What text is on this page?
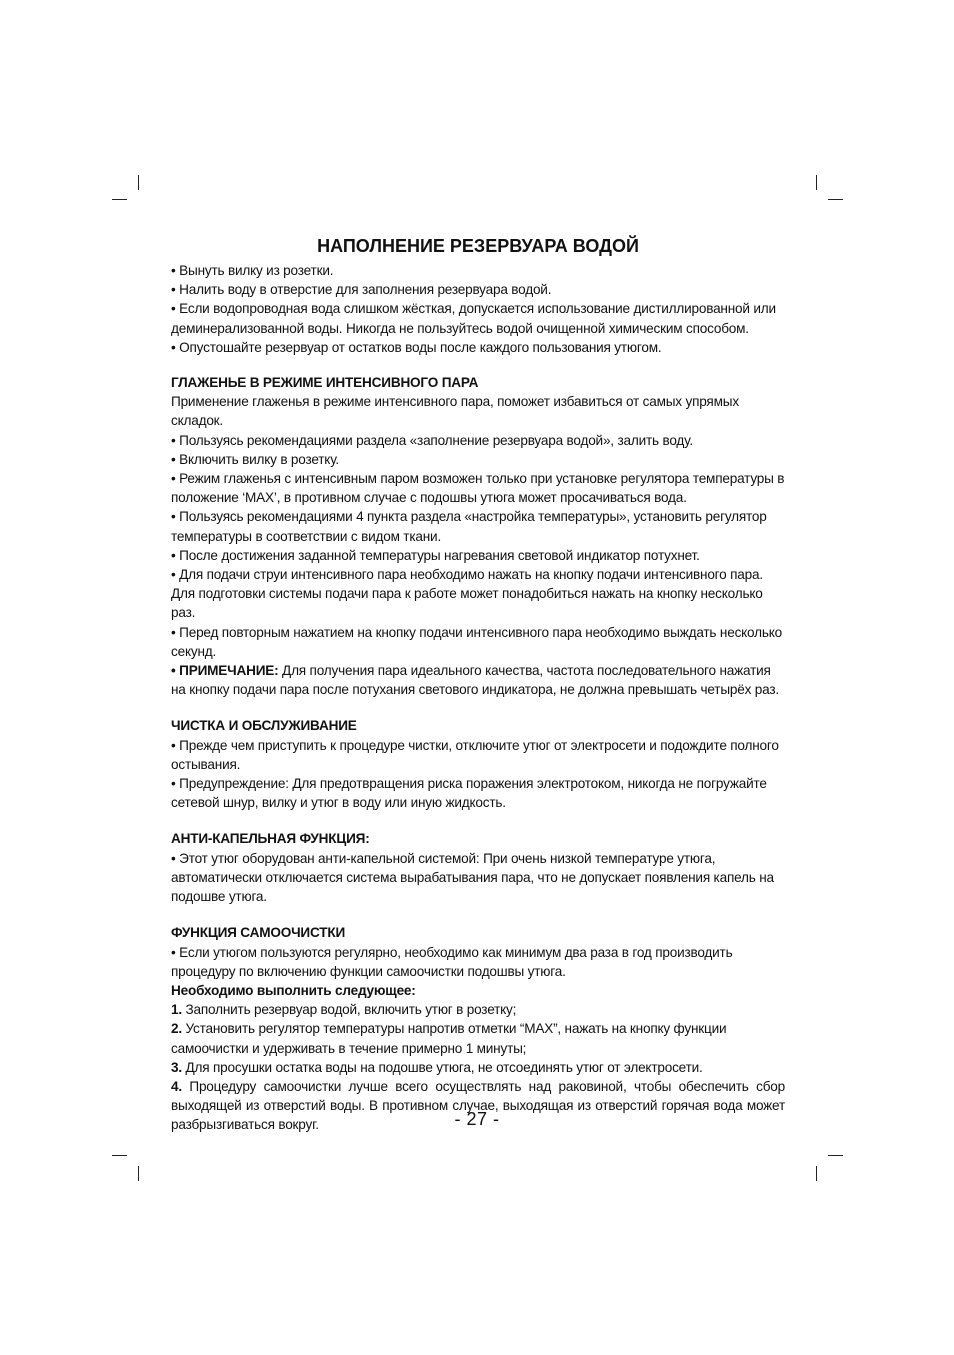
НАПОЛНЕНИЕ РЕЗЕРВУАРА ВОДОЙ

• Вынуть вилку из розетки.

• Налить воду в отверстие для заполнения резервуара водой.

• Если водопроводная вода слишком жёсткая, допускается использование дистиллированной или деминерализованной воды. Никогда не пользуйтесь водой очищенной химическим способом.

• Опустошайте резервуар от остатков воды после каждого пользования утюгом.

ГЛАЖЕНЬЕ В РЕЖИМЕ ИНТЕНСИВНОГО ПАРА

Применение глаженья в режиме интенсивного пара, поможет избавиться от самых упрямых складок.

• Пользуясь рекомендациями раздела «заполнение резервуара водой», залить воду.

• Включить вилку в розетку.

• Режим глаженья с интенсивным паром возможен только при установке регулятора температуры в положение ‘MAX’, в противном случае с подошвы утюга может просачиваться вода.

• Пользуясь рекомендациями 4 пункта раздела «настройка температуры», установить регулятор температуры в соответствии с видом ткани.

• После достижения заданной температуры нагревания световой индикатор потухнет.

• Для подачи струи интенсивного пара необходимо нажать на кнопку подачи интенсивного пара. Для подготовки системы подачи пара к работе может понадобиться нажать на кнопку несколько раз.

• Перед повторным нажатием на кнопку подачи интенсивного пара необходимо выждать несколько секунд.

• ПРИМЕЧАНИЕ: Для получения пара идеального качества, частота последовательного нажатия на кнопку подачи пара после потухания светового индикатора, не должна превышать четырёх раз.

ЧИСТКА И ОБСЛУЖИВАНИЕ

• Прежде чем приступить к процедуре чистки, отключите утюг от электросети и подождите полного остывания.

• Предупреждение: Для предотвращения риска поражения электротоком, никогда не погружайте сетевой шнур, вилку и утюг в воду или иную жидкость.

АНТИ-КАПЕЛЬНАЯ ФУНКЦИЯ:

• Этот утюг оборудован анти-капельной системой: При очень низкой температуре утюга, автоматически отключается система вырабатывания пара, что не допускает появления капель на подошве утюга.

ФУНКЦИЯ САМООЧИСТКИ

• Если утюгом пользуются регулярно, необходимо как минимум два раза в год производить процедуру по включению функции самоочистки подошвы утюга.

Необходимо выполнить следующее:

1. Заполнить резервуар водой, включить утюг в розетку;

2. Установить регулятор температуры напротив отметки “MAX”, нажать на кнопку функции самоочистки и удерживать в течение примерно 1 минуты;

3. Для просушки остатка воды на подошве утюга, не отсоединять утюг от электросети.

4. Процедуру самоочистки лучше всего осуществлять над раковиной, чтобы обеспечить сбор выходящей из отверстий воды. В противном случае, выходящая из отверстий горячая вода может разбрызгиваться вокруг.	- 27 -
